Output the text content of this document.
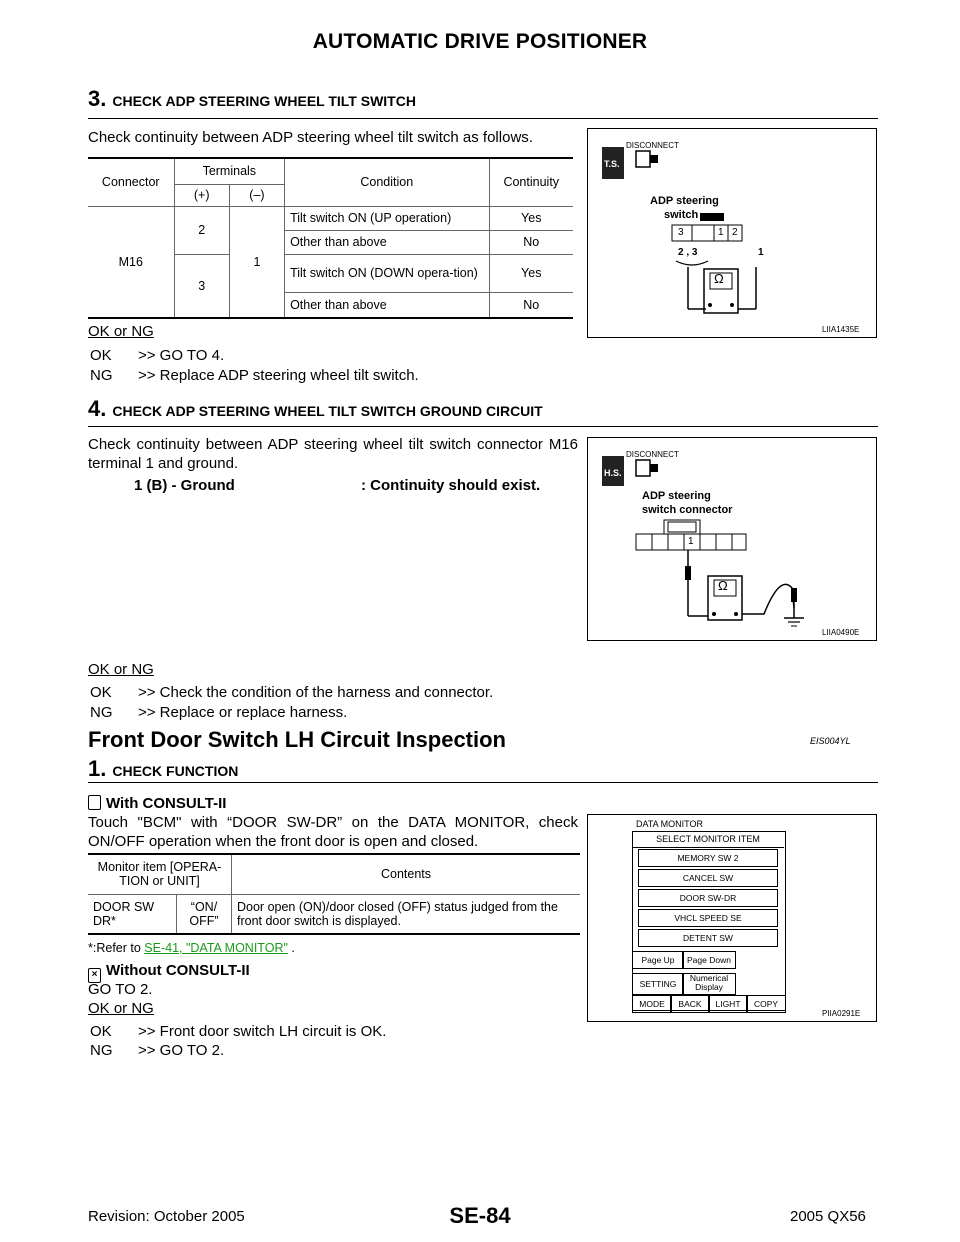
AUTOMATIC DRIVE POSITIONER
3. CHECK ADP STEERING WHEEL TILT SWITCH
Check continuity between ADP steering wheel tilt switch as follows.
Connector	Terminals		Condition	Continuity
	(+)	(–)		
M16	2	1	Tilt switch ON (UP operation)	Yes
			Other than above	No
	3		Tilt switch ON (DOWN opera-tion)	Yes
			Other than above	No
T.S.
DISCONNECT
ADP steering
switch
3	1 2
2 , 3	1
Ω
LIIA1435E
OK or NG
OK >> GO TO 4.
NG >> Replace ADP steering wheel tilt switch.
4. CHECK ADP STEERING WHEEL TILT SWITCH GROUND CIRCUIT
Check continuity between ADP steering wheel tilt switch connector M16 terminal 1 and ground.
1 (B) - Ground	: Continuity should exist.
H.S.
DISCONNECT
ADP steering
switch connector
1
Ω
LIIA0490E
OK or NG
OK >> Check the condition of the harness and connector.
NG >> Replace or replace harness.
Front Door Switch LH Circuit Inspection	EIS004YL
1. CHECK FUNCTION
With CONSULT-II
Touch "BCM" with “DOOR SW-DR” on the DATA MONITOR, check ON/OFF operation when the front door is open and closed.
Monitor item [OPERA-TION or UNIT]		Contents
DOOR SW DR*	“ON/ OFF”	Door open (ON)/door closed (OFF) status judged from the front door switch is displayed.
*:Refer to SE-41, "DATA MONITOR" .
× Without CONSULT-II
GO TO 2.
OK or NG
OK >> Front door switch LH circuit is OK.
NG >> GO TO 2.
DATA MONITOR
SELECT MONITOR ITEM
MEMORY SW 2
CANCEL SW
DOOR SW-DR
VHCL SPEED SE
DETENT SW
Page Up	Page Down
SETTING
Numerical
Display
MODE	BACK	LIGHT	COPY
PIIA0291E
Revision: October 2005	SE-84	2005 QX56
